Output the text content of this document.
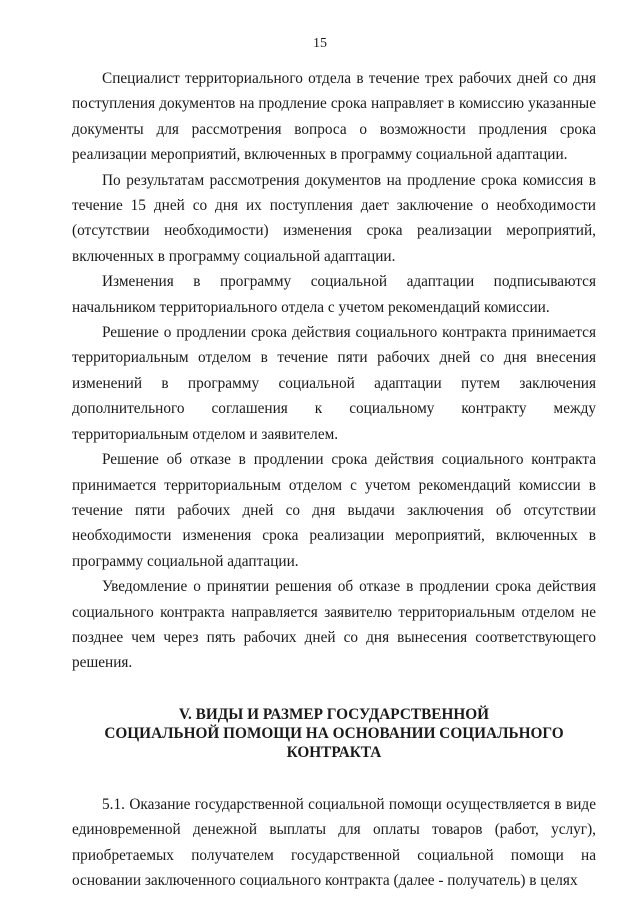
15

Специалист территориального отдела в течение трех рабочих дней со дня поступления документов на продление срока направляет в комиссию указанные документы для рассмотрения вопроса о возможности продления срока реализации мероприятий, включенных в программу социальной адаптации.

По результатам рассмотрения документов на продление срока комиссия в течение 15 дней со дня их поступления дает заключение о необходимости (отсутствии необходимости) изменения срока реализации мероприятий, включенных в программу социальной адаптации.

Изменения в программу социальной адаптации подписываются начальником территориального отдела с учетом рекомендаций комиссии.

Решение о продлении срока действия социального контракта принимается территориальным отделом в течение пяти рабочих дней со дня внесения изменений в программу социальной адаптации путем заключения дополнительного соглашения к социальному контракту между территориальным отделом и заявителем.

Решение об отказе в продлении срока действия социального контракта принимается территориальным отделом с учетом рекомендаций комиссии в течение пяти рабочих дней со дня выдачи заключения об отсутствии необходимости изменения срока реализации мероприятий, включенных в программу социальной адаптации.

Уведомление о принятии решения об отказе в продлении срока действия социального контракта направляется заявителю территориальным отделом не позднее чем через пять рабочих дней со дня вынесения соответствующего решения.

V. ВИДЫ И РАЗМЕР ГОСУДАРСТВЕННОЙ
СОЦИАЛЬНОЙ ПОМОЩИ НА ОСНОВАНИИ СОЦИАЛЬНОГО
КОНТРАКТА

5.1. Оказание государственной социальной помощи осуществляется в виде единовременной денежной выплаты для оплаты товаров (работ, услуг), приобретаемых получателем государственной социальной помощи на основании заключенного социального контракта (далее - получатель) в целях
